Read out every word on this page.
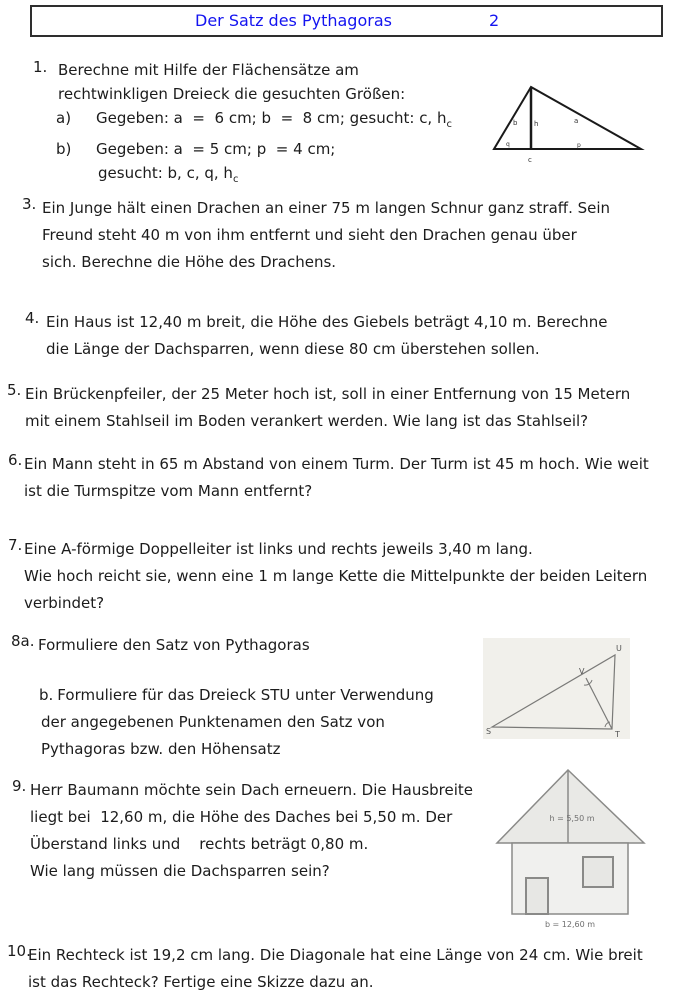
Der Satz des Pythagoras	2
1. Berechne mit Hilfe der Flächensätze am
rechtwinkligen Dreieck die gesuchten Größen:
a) Gegeben: a  =  6 cm; b  =  8 cm; gesucht: c, $h_c$
b) Gegeben: a  = 5 cm; p  = 4 cm;
gesucht: b, c, q, $h_c$
b h	a
q	p
c
3. Ein Junge hält einen Drachen an einer 75 m langen Schnur ganz straff. Sein
Freund steht 40 m von ihm entfernt und sieht den Drachen genau über
sich. Berechne die Höhe des Drachens.
4. Ein Haus ist 12,40 m breit, die Höhe des Giebels beträgt 4,10 m. Berechne
die Länge der Dachsparren, wenn diese 80 cm überstehen sollen.
5. Ein Brückenpfeiler, der 25 Meter hoch ist, soll in einer Entfernung von 15 Metern
mit einem Stahlseil im Boden verankert werden. Wie lang ist das Stahlseil?
6. Ein Mann steht in 65 m Abstand von einem Turm. Der Turm ist 45 m hoch. Wie weit
ist die Turmspitze vom Mann entfernt?
7. Eine A-förmige Doppelleiter ist links und rechts jeweils 3,40 m lang.
Wie hoch reicht sie, wenn eine 1 m lange Kette die Mittelpunkte der beiden Leitern
verbindet?
8a. Formuliere den Satz von Pythagoras
b. Formuliere für das Dreieck STU unter Verwendung
der angegebenen Punktenamen den Satz von
Pythagoras bzw. den Höhensatz
S	T
U
V
9. Herr Baumann möchte sein Dach erneuern. Die Hausbreite
liegt bei  12,60 m, die Höhe des Daches bei 5,50 m. Der
Überstand links und    rechts beträgt 0,80 m.
Wie lang müssen die Dachsparren sein?
h = 5,50 m
b = 12,60 m
10.
Ein Rechteck ist 19,2 cm lang. Die Diagonale hat eine Länge von 24 cm. Wie breit
ist das Rechteck? Fertige eine Skizze dazu an.
